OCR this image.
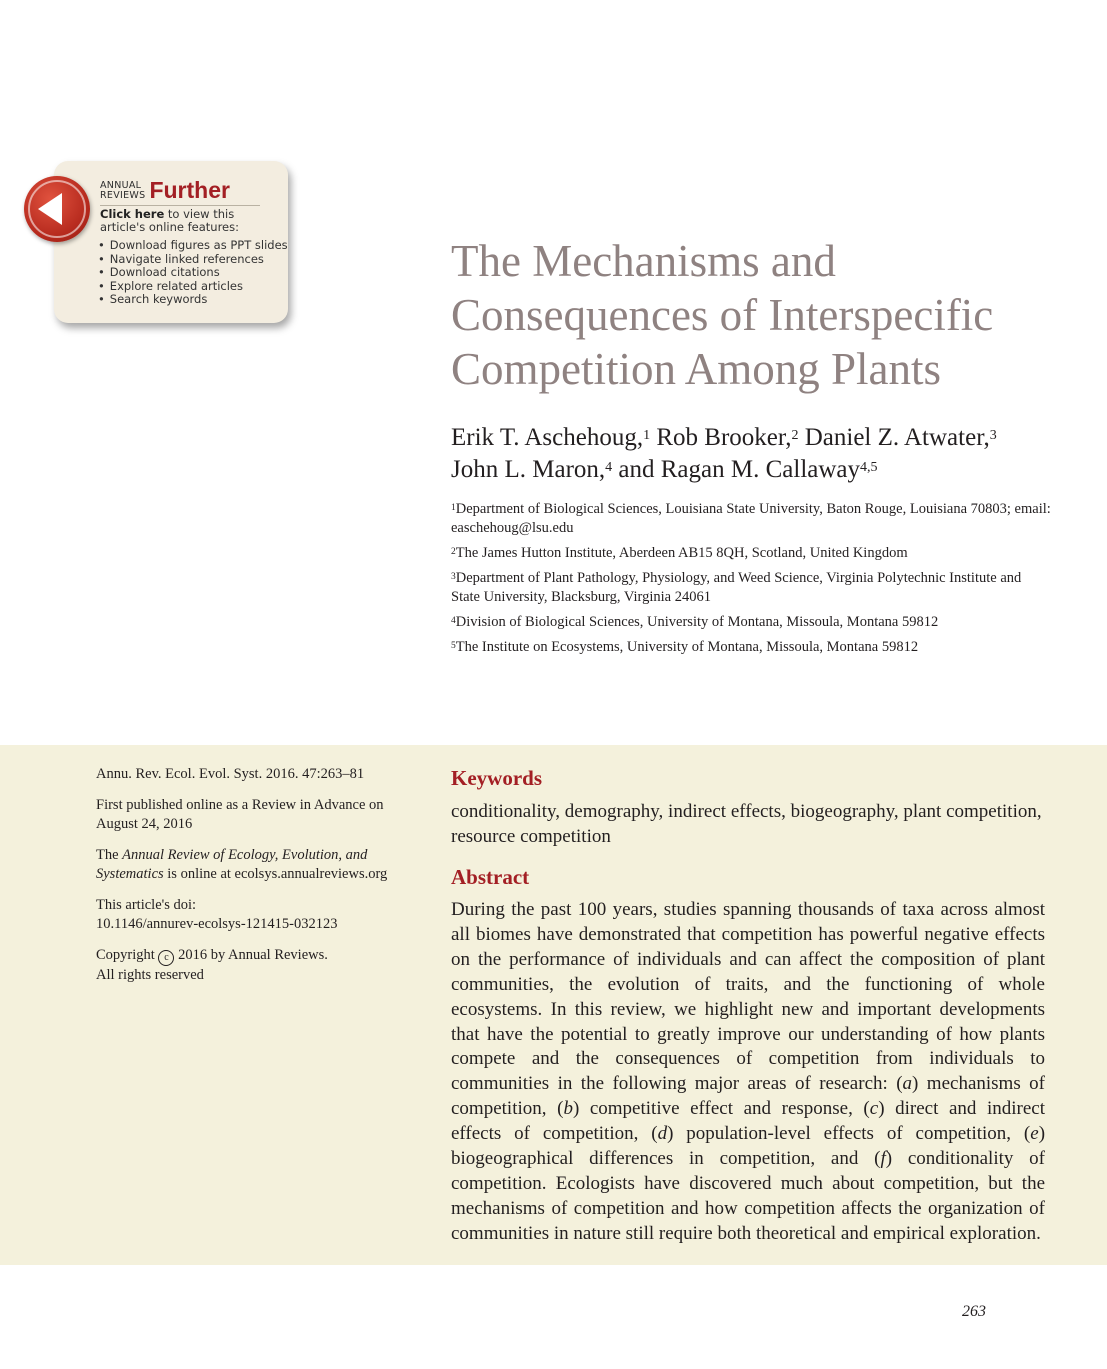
ANNUAL
REVIEWS Further
Click here to view this article's online features:
• Download figures as PPT slides
• Navigate linked references
• Download citations
• Explore related articles
• Search keywords
The Mechanisms and
Consequences of Interspecific
Competition Among Plants
Erik T. Aschehoug,$^1$ Rob Brooker,$^2$ Daniel Z. Atwater,$^3$
John L. Maron,$^4$ and Ragan M. Callaway$^{4,5}$

$^1$Department of Biological Sciences, Louisiana State University, Baton Rouge, Louisiana 70803; email: easchehoug@lsu.edu

$^2$The James Hutton Institute, Aberdeen AB15 8QH, Scotland, United Kingdom

$^3$Department of Plant Pathology, Physiology, and Weed Science, Virginia Polytechnic Institute and State University, Blacksburg, Virginia 24061

$^4$Division of Biological Sciences, University of Montana, Missoula, Montana 59812

$^5$The Institute on Ecosystems, University of Montana, Missoula, Montana 59812

Annu. Rev. Ecol. Evol. Syst. 2016. 47:263–81

First published online as a Review in Advance on August 24, 2016

The Annual Review of Ecology, Evolution, and Systematics is online at ecolsys.annualreviews.org

This article's doi:
10.1146/annurev-ecolsys-121415-032123

Copyright c 2016 by Annual Reviews.
All rights reserved

Keywords
conditionality, demography, indirect effects, biogeography, plant competition, resource competition
Abstract

During the past 100 years, studies spanning thousands of taxa across almost all biomes have demonstrated that competition has powerful negative effects on the performance of individuals and can affect the composition of plant communities, the evolution of traits, and the functioning of whole ecosystems. In this review, we highlight new and important developments that have the potential to greatly improve our understanding of how plants compete and the consequences of competition from individuals to communities in the following major areas of research: (a) mechanisms of competition, (b) competitive effect and response, (c) direct and indirect effects of competition, (d) population-level effects of competition, (e) biogeographical differences in competition, and (f) conditionality of competition. Ecologists have discovered much about competition, but the mechanisms of competition and how competition affects the organization of communities in nature still require both theoretical and empirical exploration.

263
